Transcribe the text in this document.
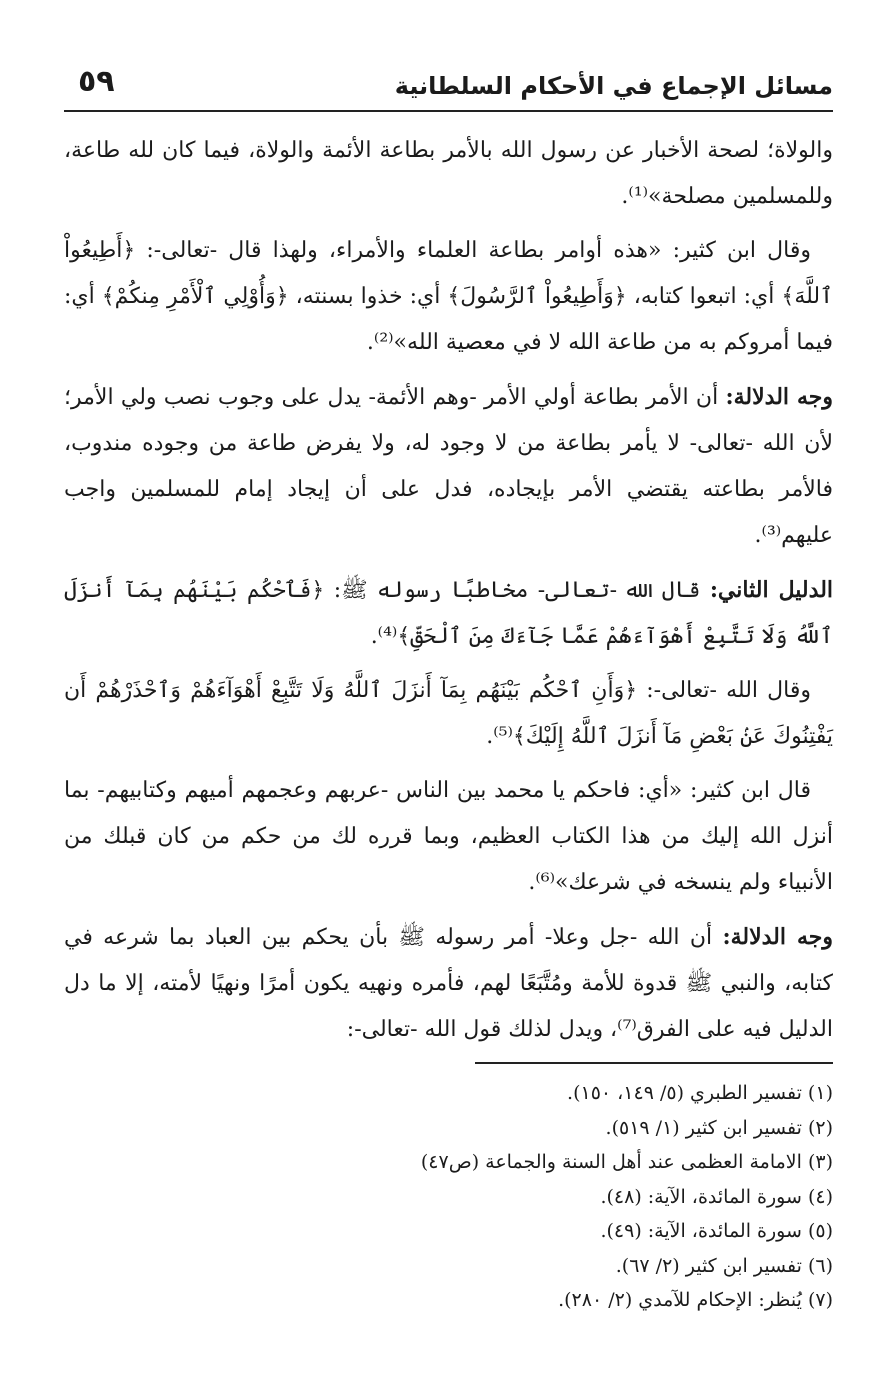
مسائل الإجماع في الأحكام السلطانية
٥٩

والولاة؛ لصحة الأخبار عن رسول الله بالأمر بطاعة الأئمة والولاة، فيما كان لله طاعة، وللمسلمين مصلحة»⁽¹⁾.

وقال ابن كثير: «هذه أوامر بطاعة العلماء والأمراء، ولهذا قال -تعالى-: ﴿أَطِيعُواْ ٱللَّهَ﴾ أي: اتبعوا كتابه، ﴿وَأَطِيعُواْ ٱلرَّسُولَ﴾ أي: خذوا بسنته، ﴿وَأُوْلِي ٱلْأَمْرِ مِنكُمْ﴾ أي: فيما أمروكم به من طاعة الله لا في معصية الله»⁽²⁾.

وجه الدلالة: أن الأمر بطاعة أولي الأمر -وهم الأئمة- يدل على وجوب نصب ولي الأمر؛ لأن الله -تعالى- لا يأمر بطاعة من لا وجود له، ولا يفرض طاعة من وجوده مندوب، فالأمر بطاعته يقتضي الأمر بإيجاده، فدل على أن إيجاد إمام للمسلمين واجب عليهم⁽³⁾.

الدليل الثاني: قال الله -تعالى- مخاطبًا رسوله ﷺ: ﴿فَٱحْكُم بَيْنَهُم بِمَآ أَنزَلَ ٱللَّهُ وَلَا تَتَّبِعْ أَهْوَآءَهُمْ عَمَّا جَآءَكَ مِنَ ٱلْحَقِّ﴾⁽⁴⁾.

وقال الله -تعالى-: ﴿وَأَنِ ٱحْكُم بَيْنَهُم بِمَآ أَنزَلَ ٱللَّهُ وَلَا تَتَّبِعْ أَهْوَآءَهُمْ وَٱحْذَرْهُمْ أَن يَفْتِنُوكَ عَنۢ بَعْضِ مَآ أَنزَلَ ٱللَّهُ إِلَيْكَ﴾⁽⁵⁾.

قال ابن كثير: «أي: فاحكم يا محمد بين الناس -عربهم وعجمهم أميهم وكتابيهم- بما أنزل الله إليك من هذا الكتاب العظيم، وبما قرره لك من حكم من كان قبلك من الأنبياء ولم ينسخه في شرعك»⁽⁶⁾.

وجه الدلالة: أن الله -جل وعلا- أمر رسوله ﷺ بأن يحكم بين العباد بما شرعه في كتابه، والنبي ﷺ قدوة للأمة ومُتَّبَعًا لهم، فأمره ونهيه يكون أمرًا ونهيًا لأمته، إلا ما دل الدليل فيه على الفرق⁽⁷⁾، ويدل لذلك قول الله -تعالى-:

(١) تفسير الطبري (٥/ ١٤٩، ١٥٠).
(٢) تفسير ابن كثير (١/ ٥١٩).
(٣) الامامة العظمى عند أهل السنة والجماعة (ص٤٧)
(٤) سورة المائدة، الآية: (٤٨).
(٥) سورة المائدة، الآية: (٤٩).
(٦) تفسير ابن كثير (٢/ ٦٧).
(٧) يُنظر: الإحكام للآمدي (٢/ ٢٨٠).
